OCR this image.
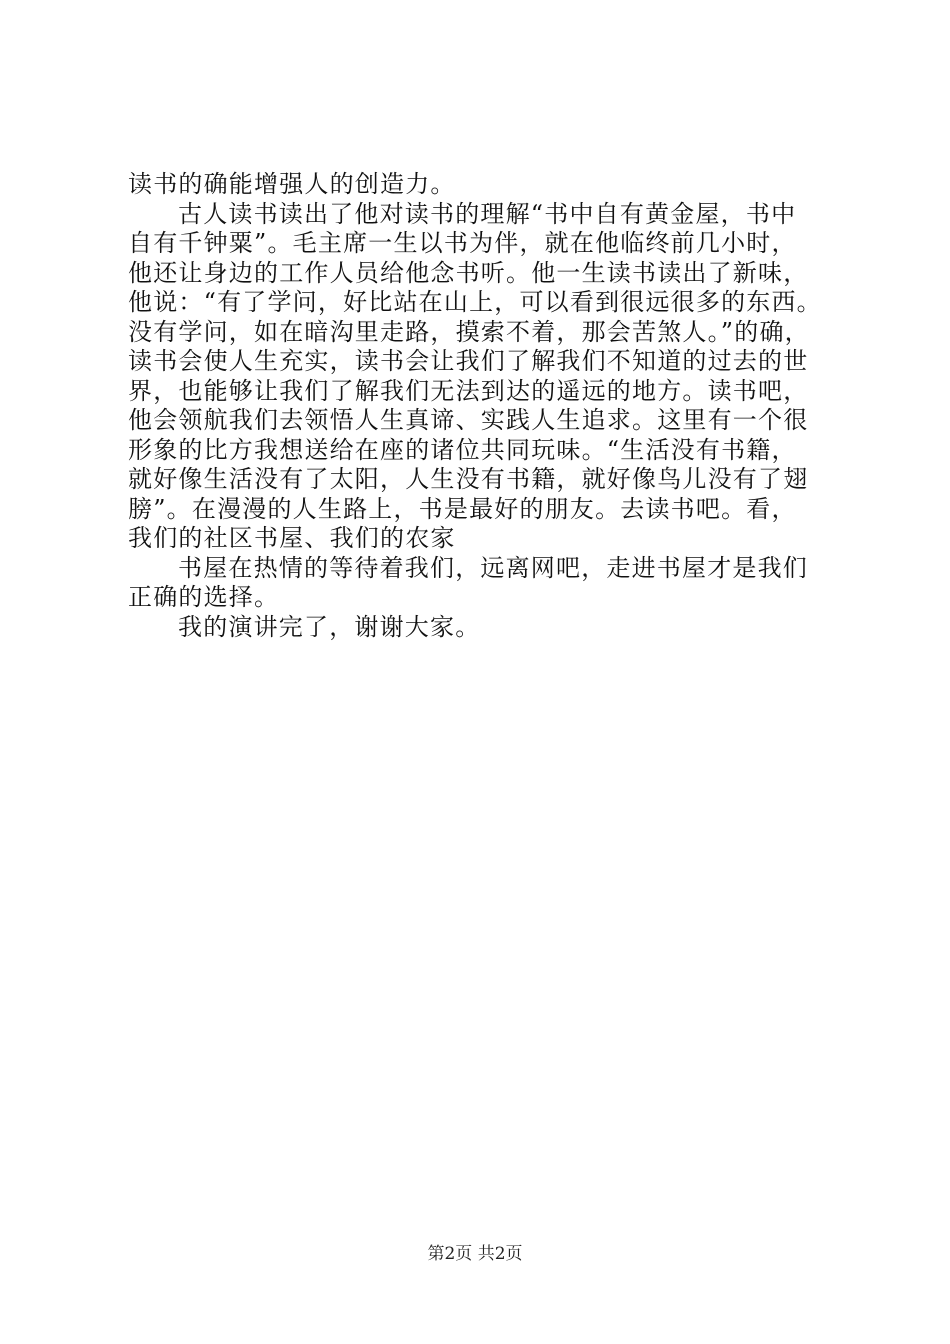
读书的确能增强人的创造力。
古人读书读出了他对读书的理解“书中自有黄金屋，书中
自有千钟粟”。毛主席一生以书为伴，就在他临终前几小时，
他还让身边的工作人员给他念书听。他一生读书读出了新味，
他说：“有了学问，好比站在山上，可以看到很远很多的东西。
没有学问，如在暗沟里走路，摸索不着，那会苦煞人。”的确，
读书会使人生充实，读书会让我们了解我们不知道的过去的世
界，也能够让我们了解我们无法到达的遥远的地方。读书吧，
他会领航我们去领悟人生真谛、实践人生追求。这里有一个很
形象的比方我想送给在座的诸位共同玩味。“生活没有书籍，
就好像生活没有了太阳，人生没有书籍，就好像鸟儿没有了翅
膀”。在漫漫的人生路上，书是最好的朋友。去读书吧。看，
我们的社区书屋、我们的农家
书屋在热情的等待着我们，远离网吧，走进书屋才是我们
正确的选择。
我的演讲完了，谢谢大家。
第2页 共2页
